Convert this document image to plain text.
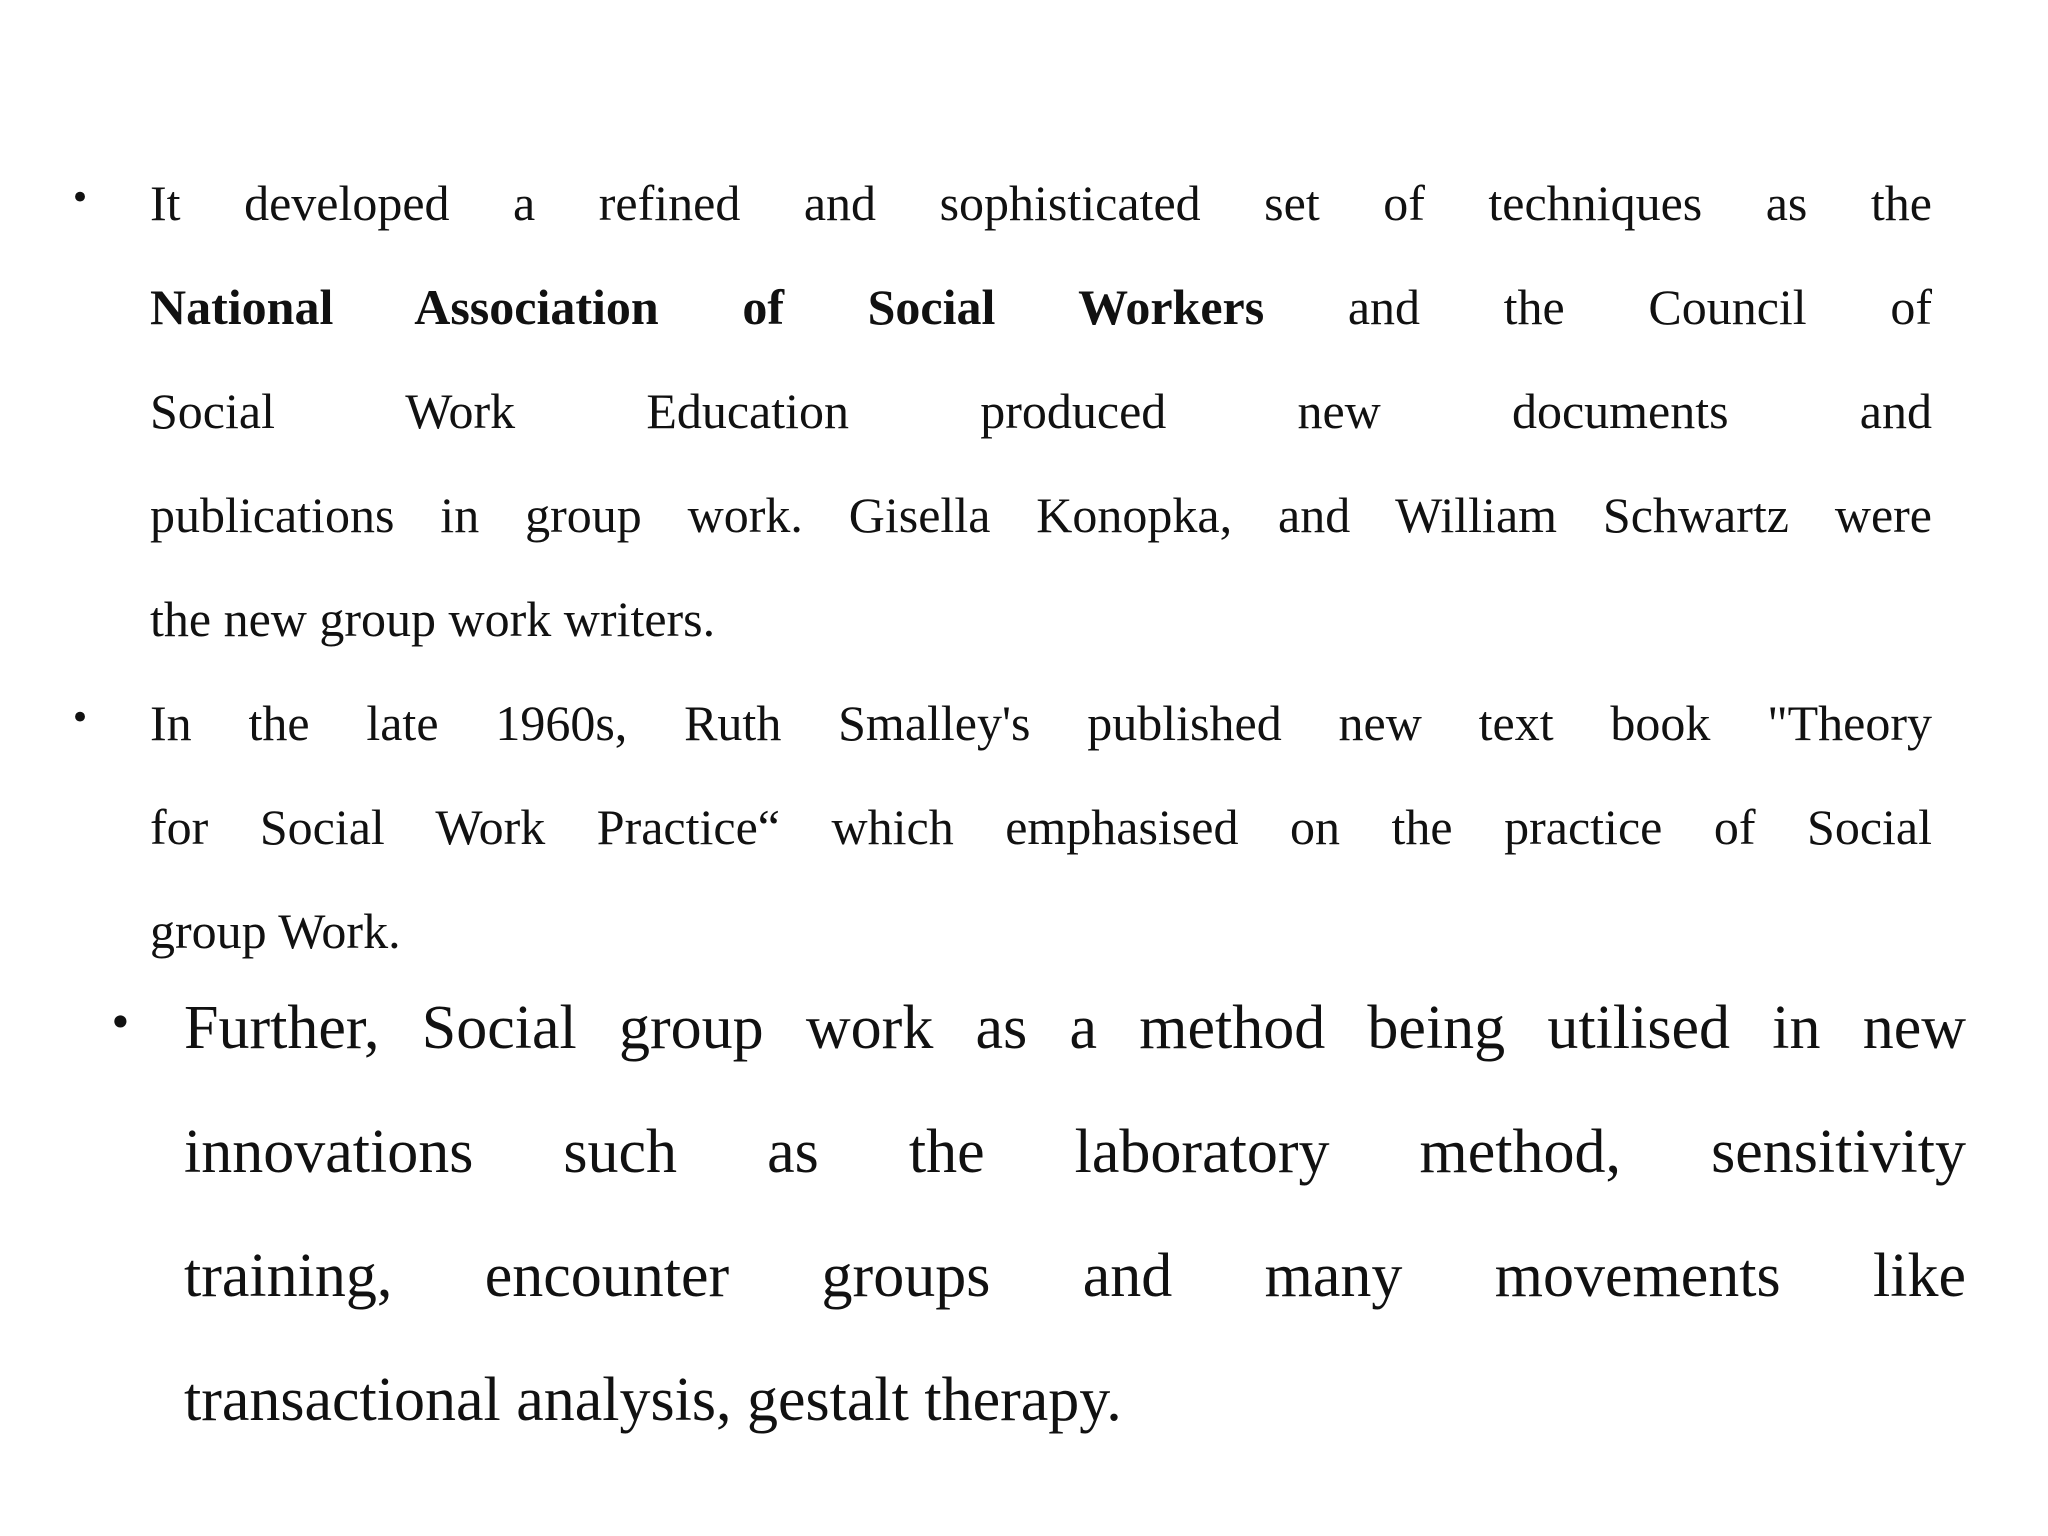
• It developed a refined and sophisticated set of techniques as the
National Association of Social Workers and the Council of
Social Work Education produced new documents and
publications in group work. Gisella Konopka, and William Schwartz were
the new group work writers.
• In the late 1960s, Ruth Smalley's published new text book "Theory
for Social Work Practice“ which emphasised on the practice of Social
group Work.
• Further, Social group work as a method being utilised in new
innovations such as the laboratory method, sensitivity
training, encounter groups and many movements like
transactional analysis, gestalt therapy.
